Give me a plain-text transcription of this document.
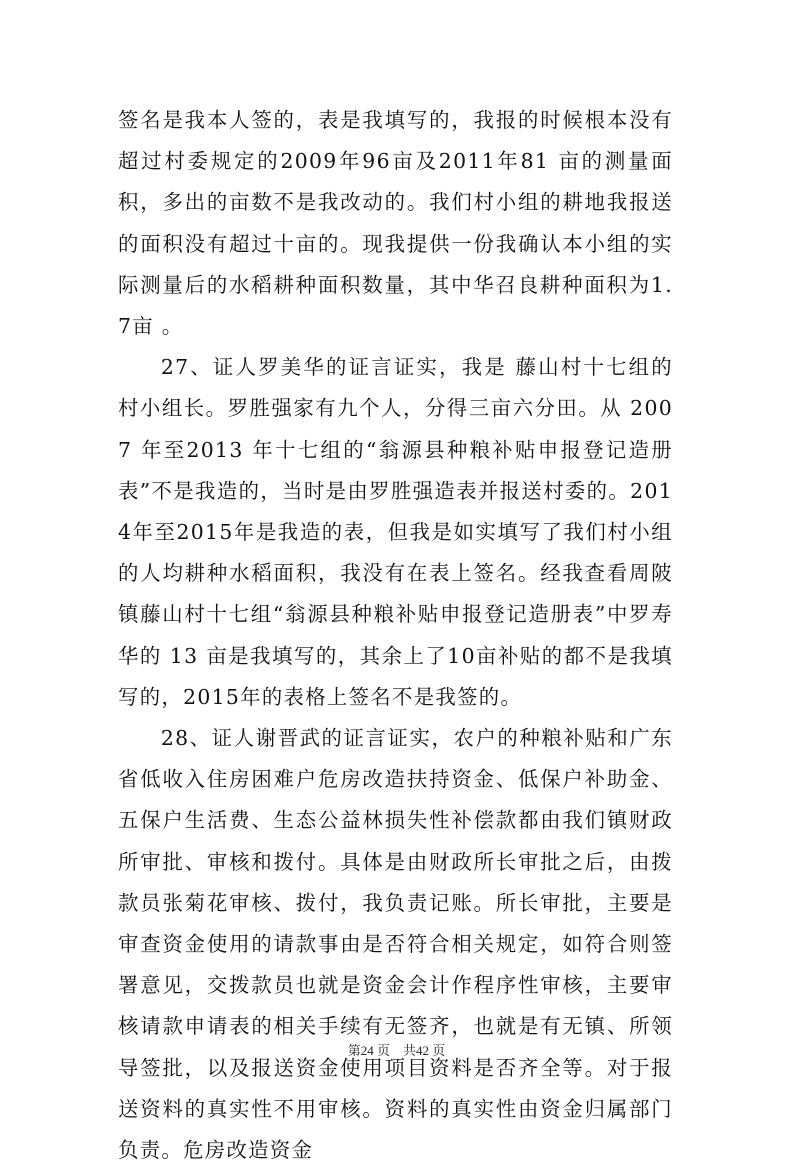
签名是我本人签的，表是我填写的，我报的时候根本没有超过村委规定的2009年96亩及2011年81 亩的测量面积，多出的亩数不是我改动的。我们村小组的耕地我报送的面积没有超过十亩的。现我提供一份我确认本小组的实际测量后的水稻耕种面积数量，其中华召良耕种面积为1.7亩 。

27、证人罗美华的证言证实，我是 藤山村十七组的村小组长。罗胜强家有九个人，分得三亩六分田。从 2007 年至2013 年十七组的“翁源县种粮补贴申报登记造册表”不是我造的，当时是由罗胜强造表并报送村委的。2014年至2015年是我造的表，但我是如实填写了我们村小组的人均耕种水稻面积，我没有在表上签名。经我查看周陂镇藤山村十七组“翁源县种粮补贴申报登记造册表”中罗寿华的 13 亩是我填写的，其余上了10亩补贴的都不是我填写的，2015年的表格上签名不是我签的。

28、证人谢晋武的证言证实，农户的种粮补贴和广东省低收入住房困难户危房改造扶持资金、低保户补助金、五保户生活费、生态公益林损失性补偿款都由我们镇财政所审批、审核和拨付。具体是由财政所长审批之后，由拨款员张菊花审核、拨付，我负责记账。所长审批，主要是审查资金使用的请款事由是否符合相关规定，如符合则签署意见，交拨款员也就是资金会计作程序性审核，主要审核请款申请表的相关手续有无签齐，也就是有无镇、所领导签批，以及报送资金使用项目资料是否齐全等。对于报送资料的真实性不用审核。资料的真实性由资金归属部门负责。危房改造资金

第24 页　共42 页
